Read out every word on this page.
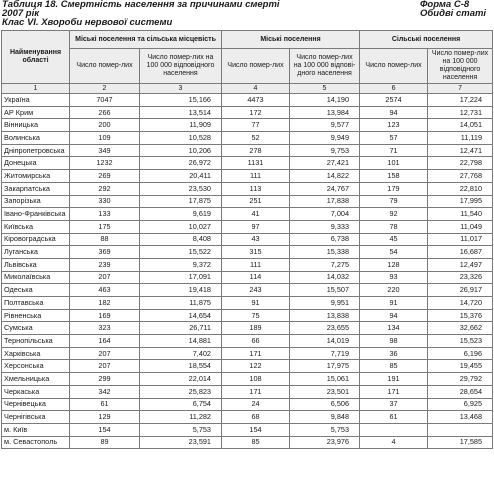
Таблиця 18. Смертність населення за причинами смерті
2007 рік
Клас VI. Хвороби нервової системи
Форма С-8
Обидві статі
Найменування області	Міські поселення та сільська місцевість		Міські поселення		Сільські поселення	
	Число помер-лих	Число помер-лих на 100 000 відповідного населення	Число помер-лих	Число помер-лих на 100 000 відповідного населення	Число помер-лих	Число помер-лих на 100 000 відповідного населення
1	2	3	4	5	6	7
Україна	7047	15,166	4473	14,190	2574	17,224
АР Крим	266	13,514	172	13,984	94	12,731
Вінницька	200	11,909	77	9,577	123	14,051
Волинська	109	10,528	52	9,949	57	11,119
Дніпропетровська	349	10,206	278	9,753	71	12,471
Донецька	1232	26,972	1131	27,421	101	22,798
Житомирська	269	20,411	111	14,822	158	27,768
Закарпатська	292	23,530	113	24,767	179	22,810
Запорізька	330	17,875	251	17,838	79	17,995
Івано-Франківська	133	9,619	41	7,004	92	11,540
Київська	175	10,027	97	9,333	78	11,049
Кіровоградська	88	8,408	43	6,738	45	11,017
Луганська	369	15,522	315	15,338	54	16,687
Львівська	239	9,372	111	7,275	128	12,497
Миколаївська	207	17,091	114	14,032	93	23,326
Одеська	463	19,418	243	15,507	220	26,917
Полтавська	182	11,875	91	9,951	91	14,720
Рівненська	169	14,654	75	13,838	94	15,376
Сумська	323	26,711	189	23,655	134	32,662
Тернопільська	164	14,881	66	14,019	98	15,523
Харківська	207	7,402	171	7,719	36	6,196
Херсонська	207	18,554	122	17,975	85	19,455
Хмельницька	299	22,014	108	15,061	191	29,792
Черкаська	342	25,823	171	23,501	171	28,654
Чернівецька	61	6,754	24	6,506	37	6,925
Чернігівська	129	11,282	68	9,848	61	13,468
м. Київ	154	5,753	154	5,753		
м. Севастополь	89	23,591	85	23,976	4	17,585
